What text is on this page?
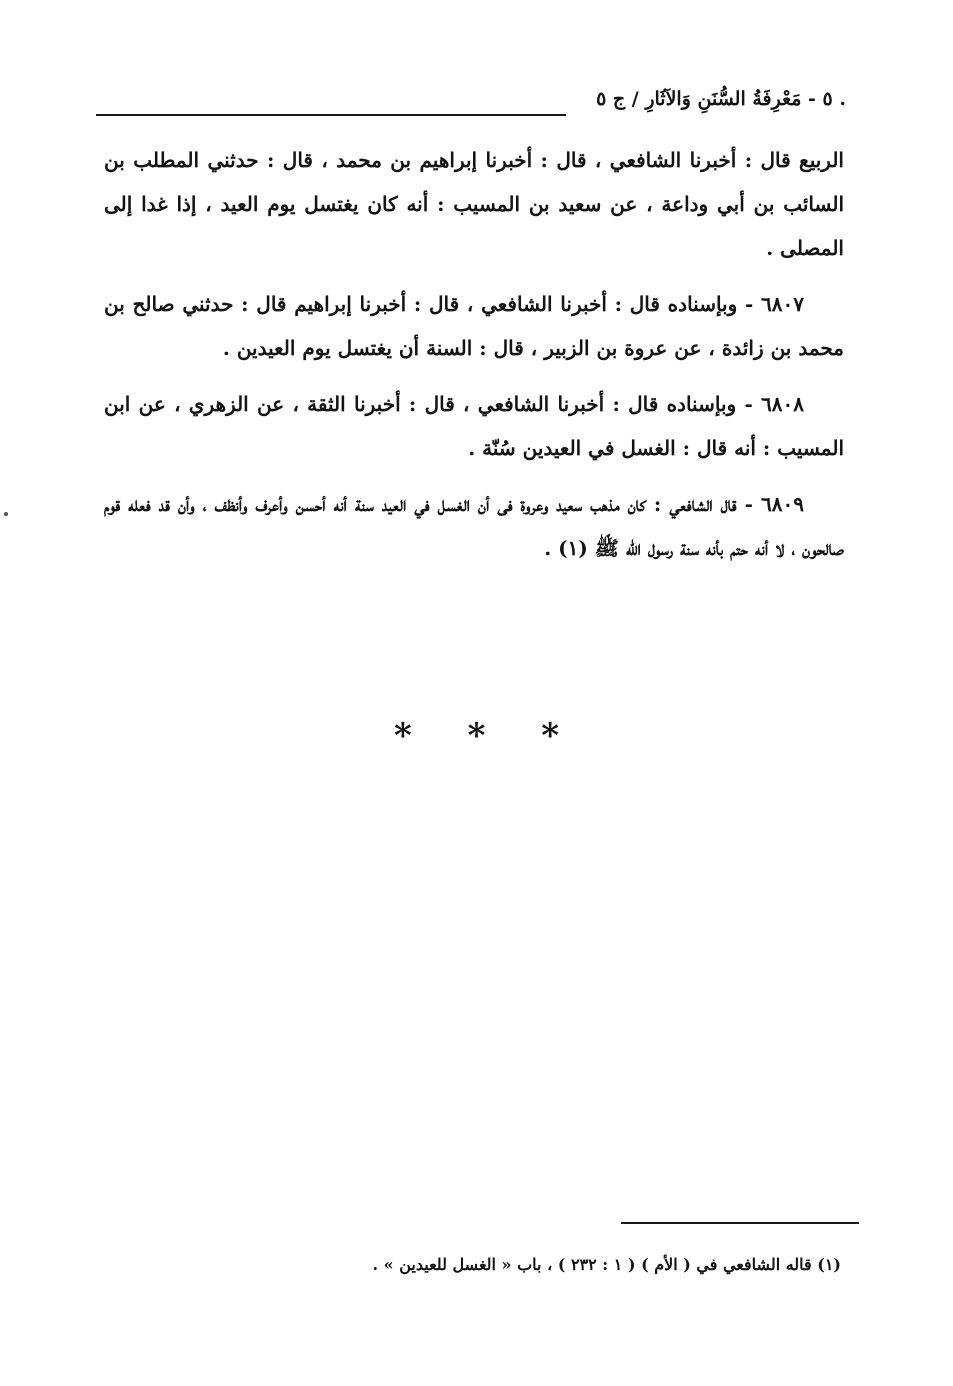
. ٥ - مَعْرِفَةُ السُّنَنِ وَالآثَارِ / ج ٥

الربيع قال : أخبرنا الشافعي ، قال : أخبرنا إبراهيم بن محمد ، قال : حدثني المطلب بن السائب بن أبي وداعة ، عن سعيد بن المسيب : أنه كان يغتسل يوم العيد ، إذا غدا إلى المصلى .

٦٨٠٧ - وبإسناده قال : أخبرنا الشافعي ، قال : أخبرنا إبراهيم قال : حدثني صالح بن محمد بن زائدة ، عن عروة بن الزبير ، قال : السنة أن يغتسل يوم العيدين .

٦٨٠٨ - وبإسناده قال : أخبرنا الشافعي ، قال : أخبرنا الثقة ، عن الزهري ، عن ابن المسيب : أنه قال : الغسل في العيدين سُنّة .

٦٨٠٩ - قال الشافعي : كان مذهب سعيد وعروة فى أن الغسل في العيد سنة أنه أحسن وأعرف وأنظف ، وأن قد فعله قوم صالحون ، لا أنه حتم بأنه سنة رسول الله ﷺ (١) .

* * *
(١) قاله الشافعي في ( الأم ) ( ١ : ٢٣٢ ) ، باب « الغسل للعيدين » .
